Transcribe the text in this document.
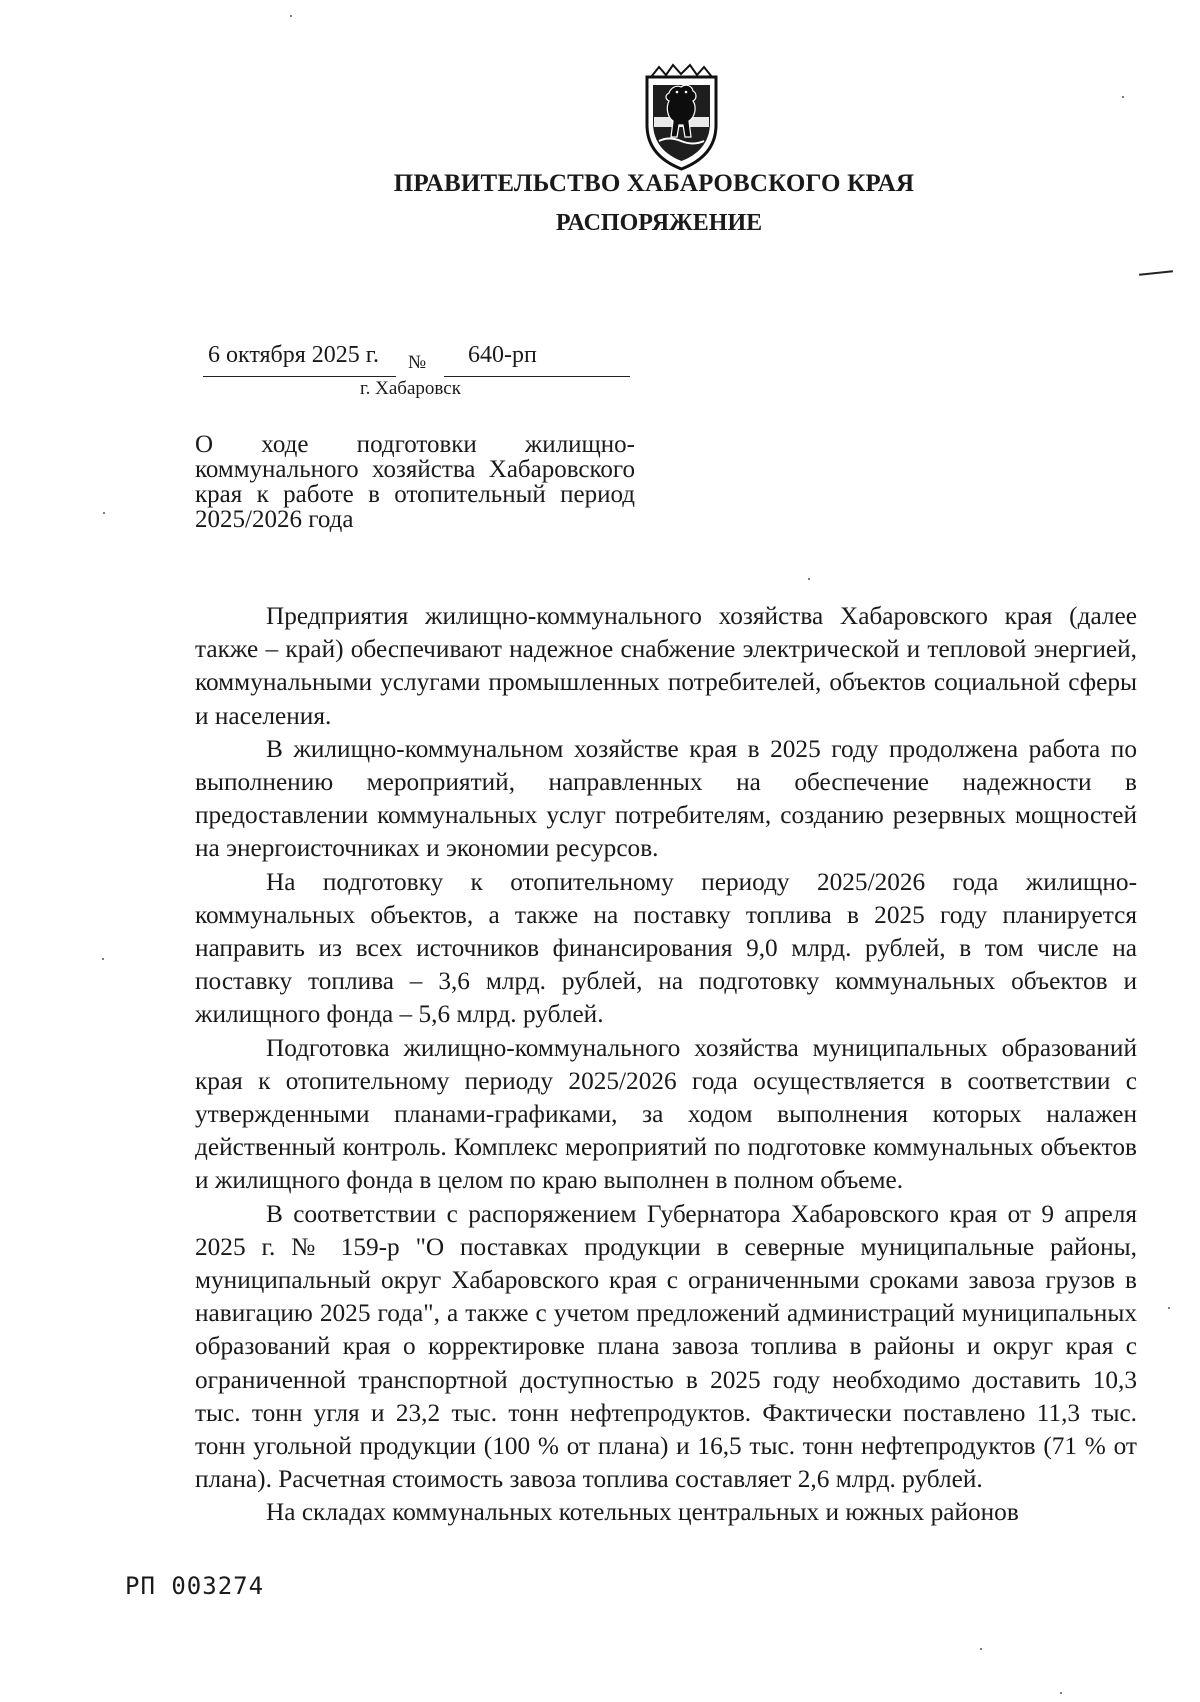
ПРАВИТЕЛЬСТВО ХАБАРОВСКОГО КРАЯ
РАСПОРЯЖЕНИЕ
6 октября 2025 г. № 640-рп
г. Хабаровск
О ходе подготовки жилищно-коммунального хозяйства Хабаровского края к работе в отопительный период 2025/2026 года

Предприятия жилищно-коммунального хозяйства Хабаровского края (далее также – край) обеспечивают надежное снабжение электрической и тепловой энергией, коммунальными услугами промышленных потребителей, объектов социальной сферы и населения.

В жилищно-коммунальном хозяйстве края в 2025 году продолжена работа по выполнению мероприятий, направленных на обеспечение надежности в предоставлении коммунальных услуг потребителям, созданию резервных мощностей на энергоисточниках и экономии ресурсов.

На подготовку к отопительному периоду 2025/2026 года жилищно-коммунальных объектов, а также на поставку топлива в 2025 году планируется направить из всех источников финансирования 9,0 млрд. рублей, в том числе на поставку топлива – 3,6 млрд. рублей, на подготовку коммунальных объектов и жилищного фонда – 5,6 млрд. рублей.

Подготовка жилищно-коммунального хозяйства муниципальных образований края к отопительному периоду 2025/2026 года осуществляется в соответствии с утвержденными планами-графиками, за ходом выполнения которых налажен действенный контроль. Комплекс мероприятий по подготовке коммунальных объектов и жилищного фонда в целом по краю выполнен в полном объеме.

В соответствии с распоряжением Губернатора Хабаровского края от 9 апреля 2025 г. № 159-р "О поставках продукции в северные муниципальные районы, муниципальный округ Хабаровского края с ограниченными сроками завоза грузов в навигацию 2025 года", а также с учетом предложений администраций муниципальных образований края о корректировке плана завоза топлива в районы и округ края с ограниченной транспортной доступностью в 2025 году необходимо доставить 10,3 тыс. тонн угля и 23,2 тыс. тонн нефтепродуктов. Фактически поставлено 11,3 тыс. тонн угольной продукции (100 % от плана) и 16,5 тыс. тонн нефтепродуктов (71 % от плана). Расчетная стоимость завоза топлива составляет 2,6 млрд. рублей.

На складах коммунальных котельных центральных и южных районов

РП 003274
